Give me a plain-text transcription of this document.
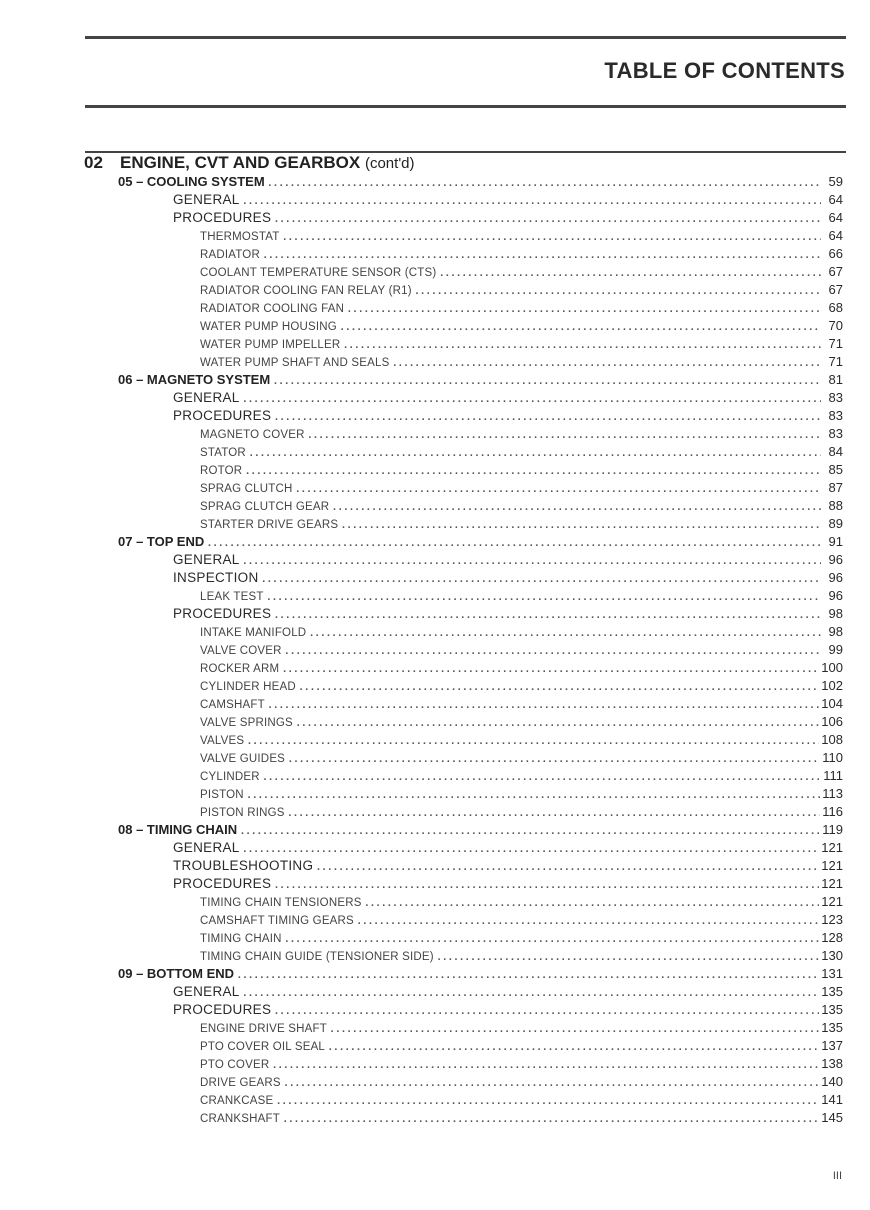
TABLE OF CONTENTS
02 ENGINE, CVT AND GEARBOX (cont'd)
05 – COOLING SYSTEM .....	59
GENERAL .....	64
PROCEDURES .....	64
THERMOSTAT .....	64
RADIATOR .....	66
COOLANT TEMPERATURE SENSOR (CTS) .....	67
RADIATOR COOLING FAN RELAY (R1) .....	67
RADIATOR COOLING FAN .....	68
WATER PUMP HOUSING .....	70
WATER PUMP IMPELLER .....	71
WATER PUMP SHAFT AND SEALS .....	71
06 – MAGNETO SYSTEM .....	81
GENERAL .....	83
PROCEDURES .....	83
MAGNETO COVER .....	83
STATOR .....	84
ROTOR .....	85
SPRAG CLUTCH .....	87
SPRAG CLUTCH GEAR .....	88
STARTER DRIVE GEARS .....	89
07 – TOP END .....	91
GENERAL .....	96
INSPECTION .....	96
LEAK TEST .....	96
PROCEDURES .....	98
INTAKE MANIFOLD .....	98
VALVE COVER .....	99
ROCKER ARM .....	100
CYLINDER HEAD .....	102
CAMSHAFT .....	104
VALVE SPRINGS .....	106
VALVES .....	108
VALVE GUIDES .....	110
CYLINDER .....	111
PISTON .....	113
PISTON RINGS .....	116
08 – TIMING CHAIN .....	119
GENERAL .....	121
TROUBLESHOOTING .....	121
PROCEDURES .....	121
TIMING CHAIN TENSIONERS .....	121
CAMSHAFT TIMING GEARS .....	123
TIMING CHAIN .....	128
TIMING CHAIN GUIDE (TENSIONER SIDE) .....	130
09 – BOTTOM END .....	131
GENERAL .....	135
PROCEDURES .....	135
ENGINE DRIVE SHAFT .....	135
PTO COVER OIL SEAL .....	137
PTO COVER .....	138
DRIVE GEARS .....	140
CRANKCASE .....	141
CRANKSHAFT .....	145
III
